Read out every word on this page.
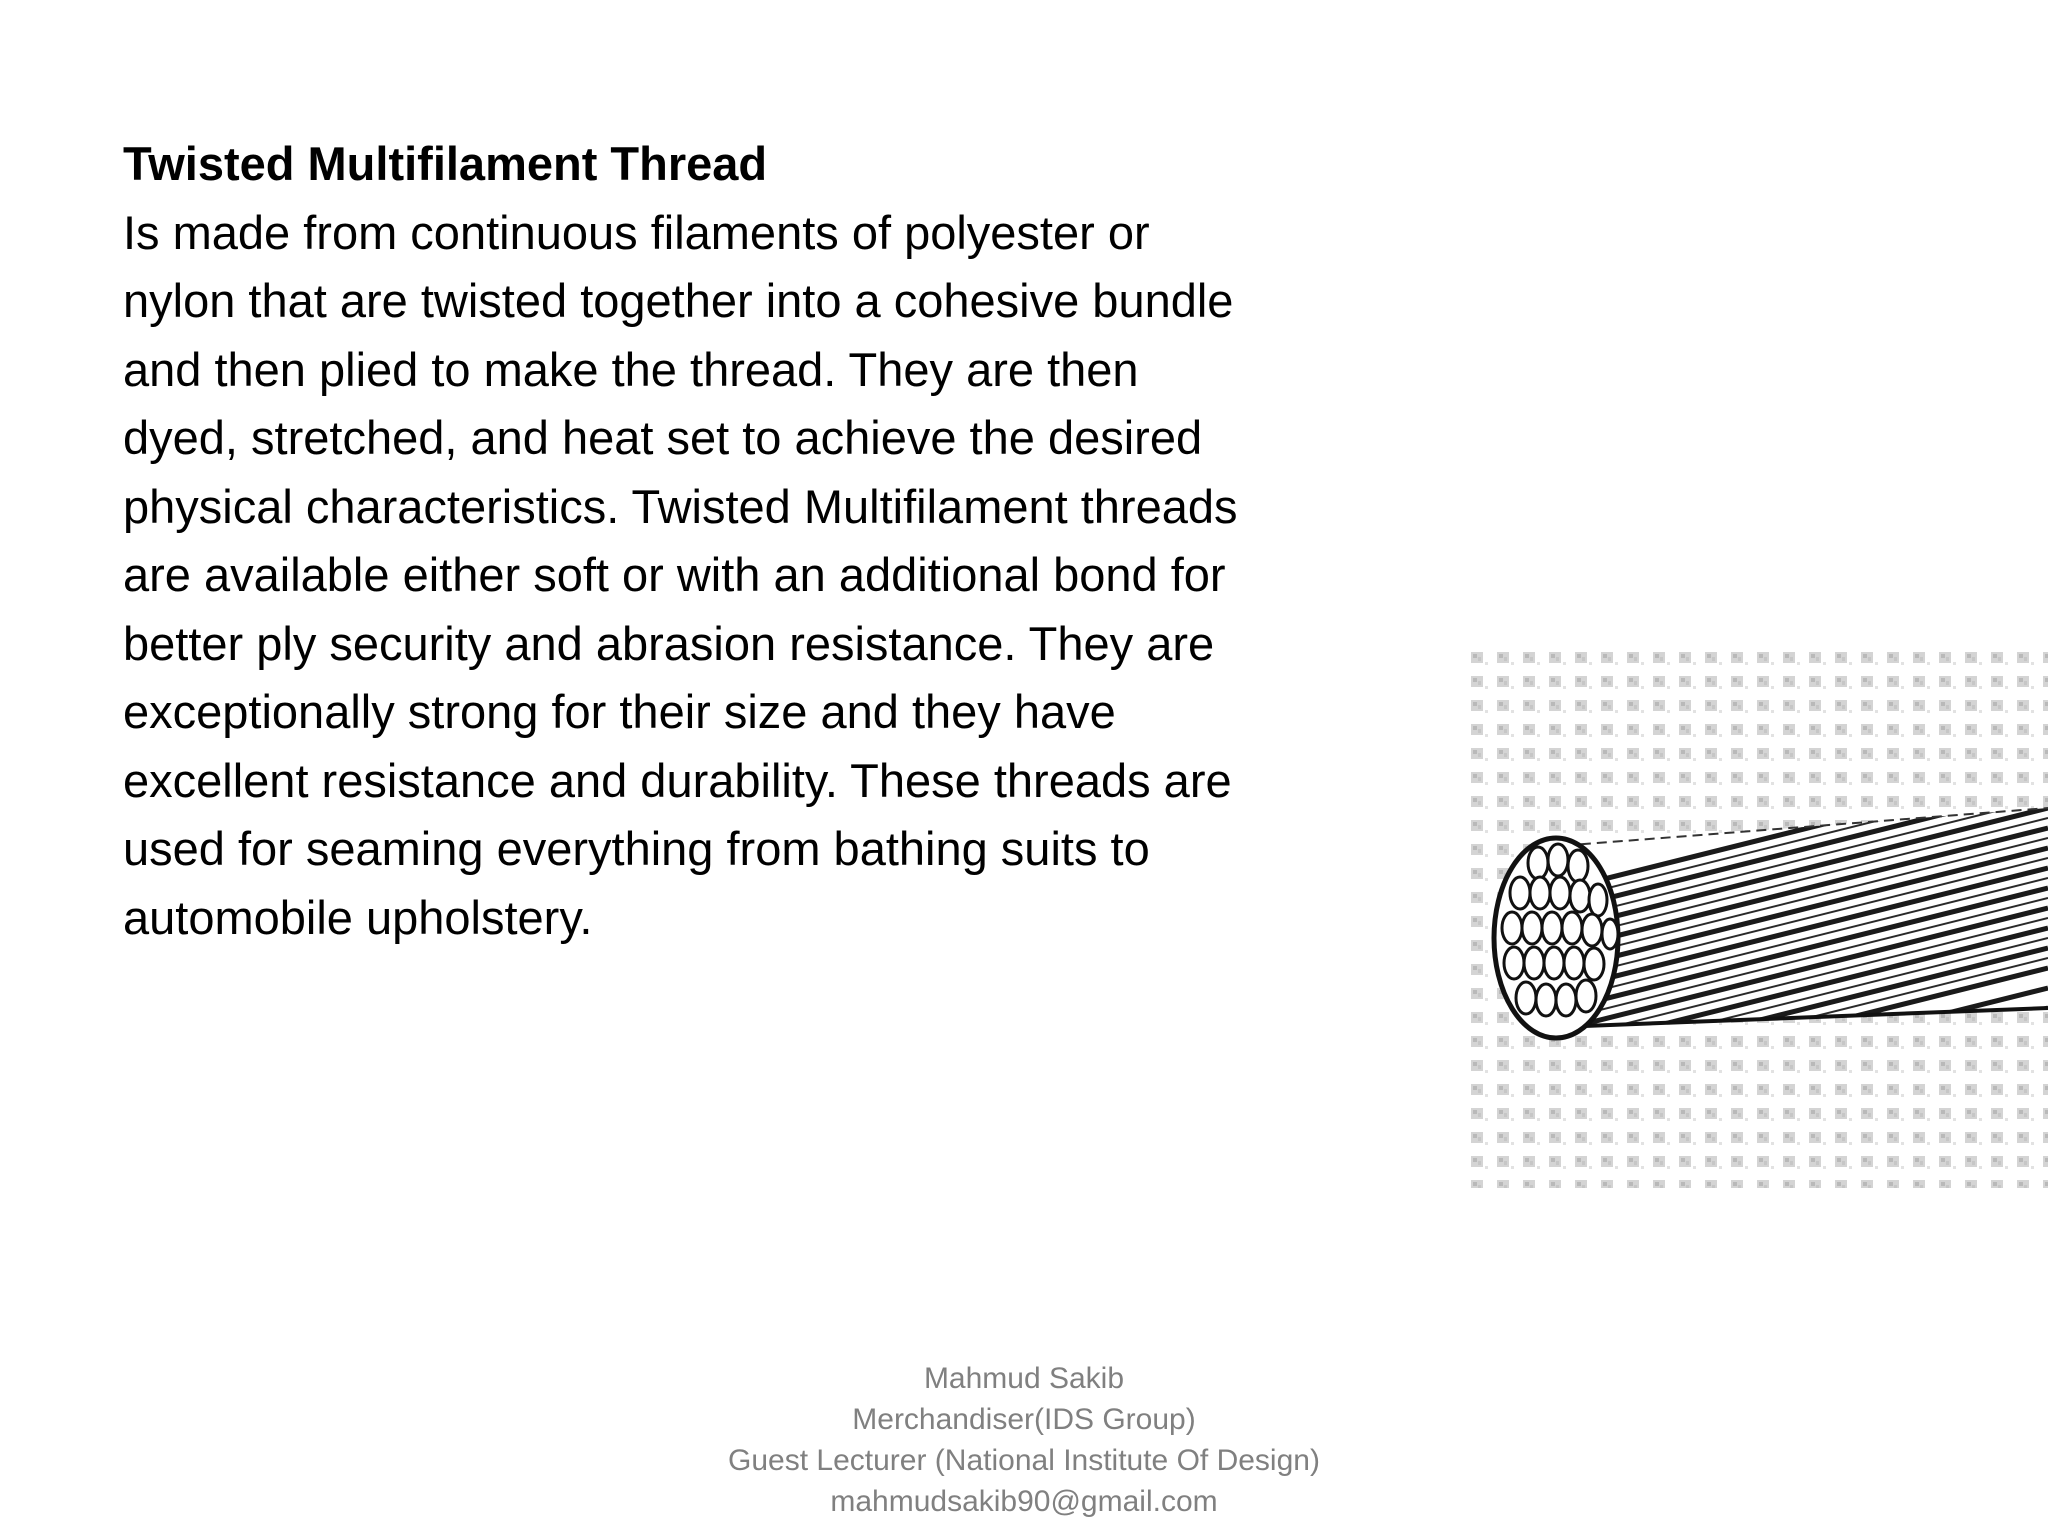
Twisted Multifilament Thread

Is made from continuous filaments of polyester or

nylon that are twisted together into a cohesive bundle

and then plied to make the thread. They are then

dyed, stretched, and heat set to achieve the desired

physical characteristics. Twisted Multifilament threads

are available either soft or with an additional bond for

better ply security and abrasion resistance. They are

exceptionally strong for their size and they have

excellent resistance and durability. These threads are

used for seaming everything from bathing suits to

automobile upholstery.

Mahmud Sakib
Merchandiser(IDS Group)
Guest Lecturer (National Institute Of Design)
mahmudsakib90@gmail.com
